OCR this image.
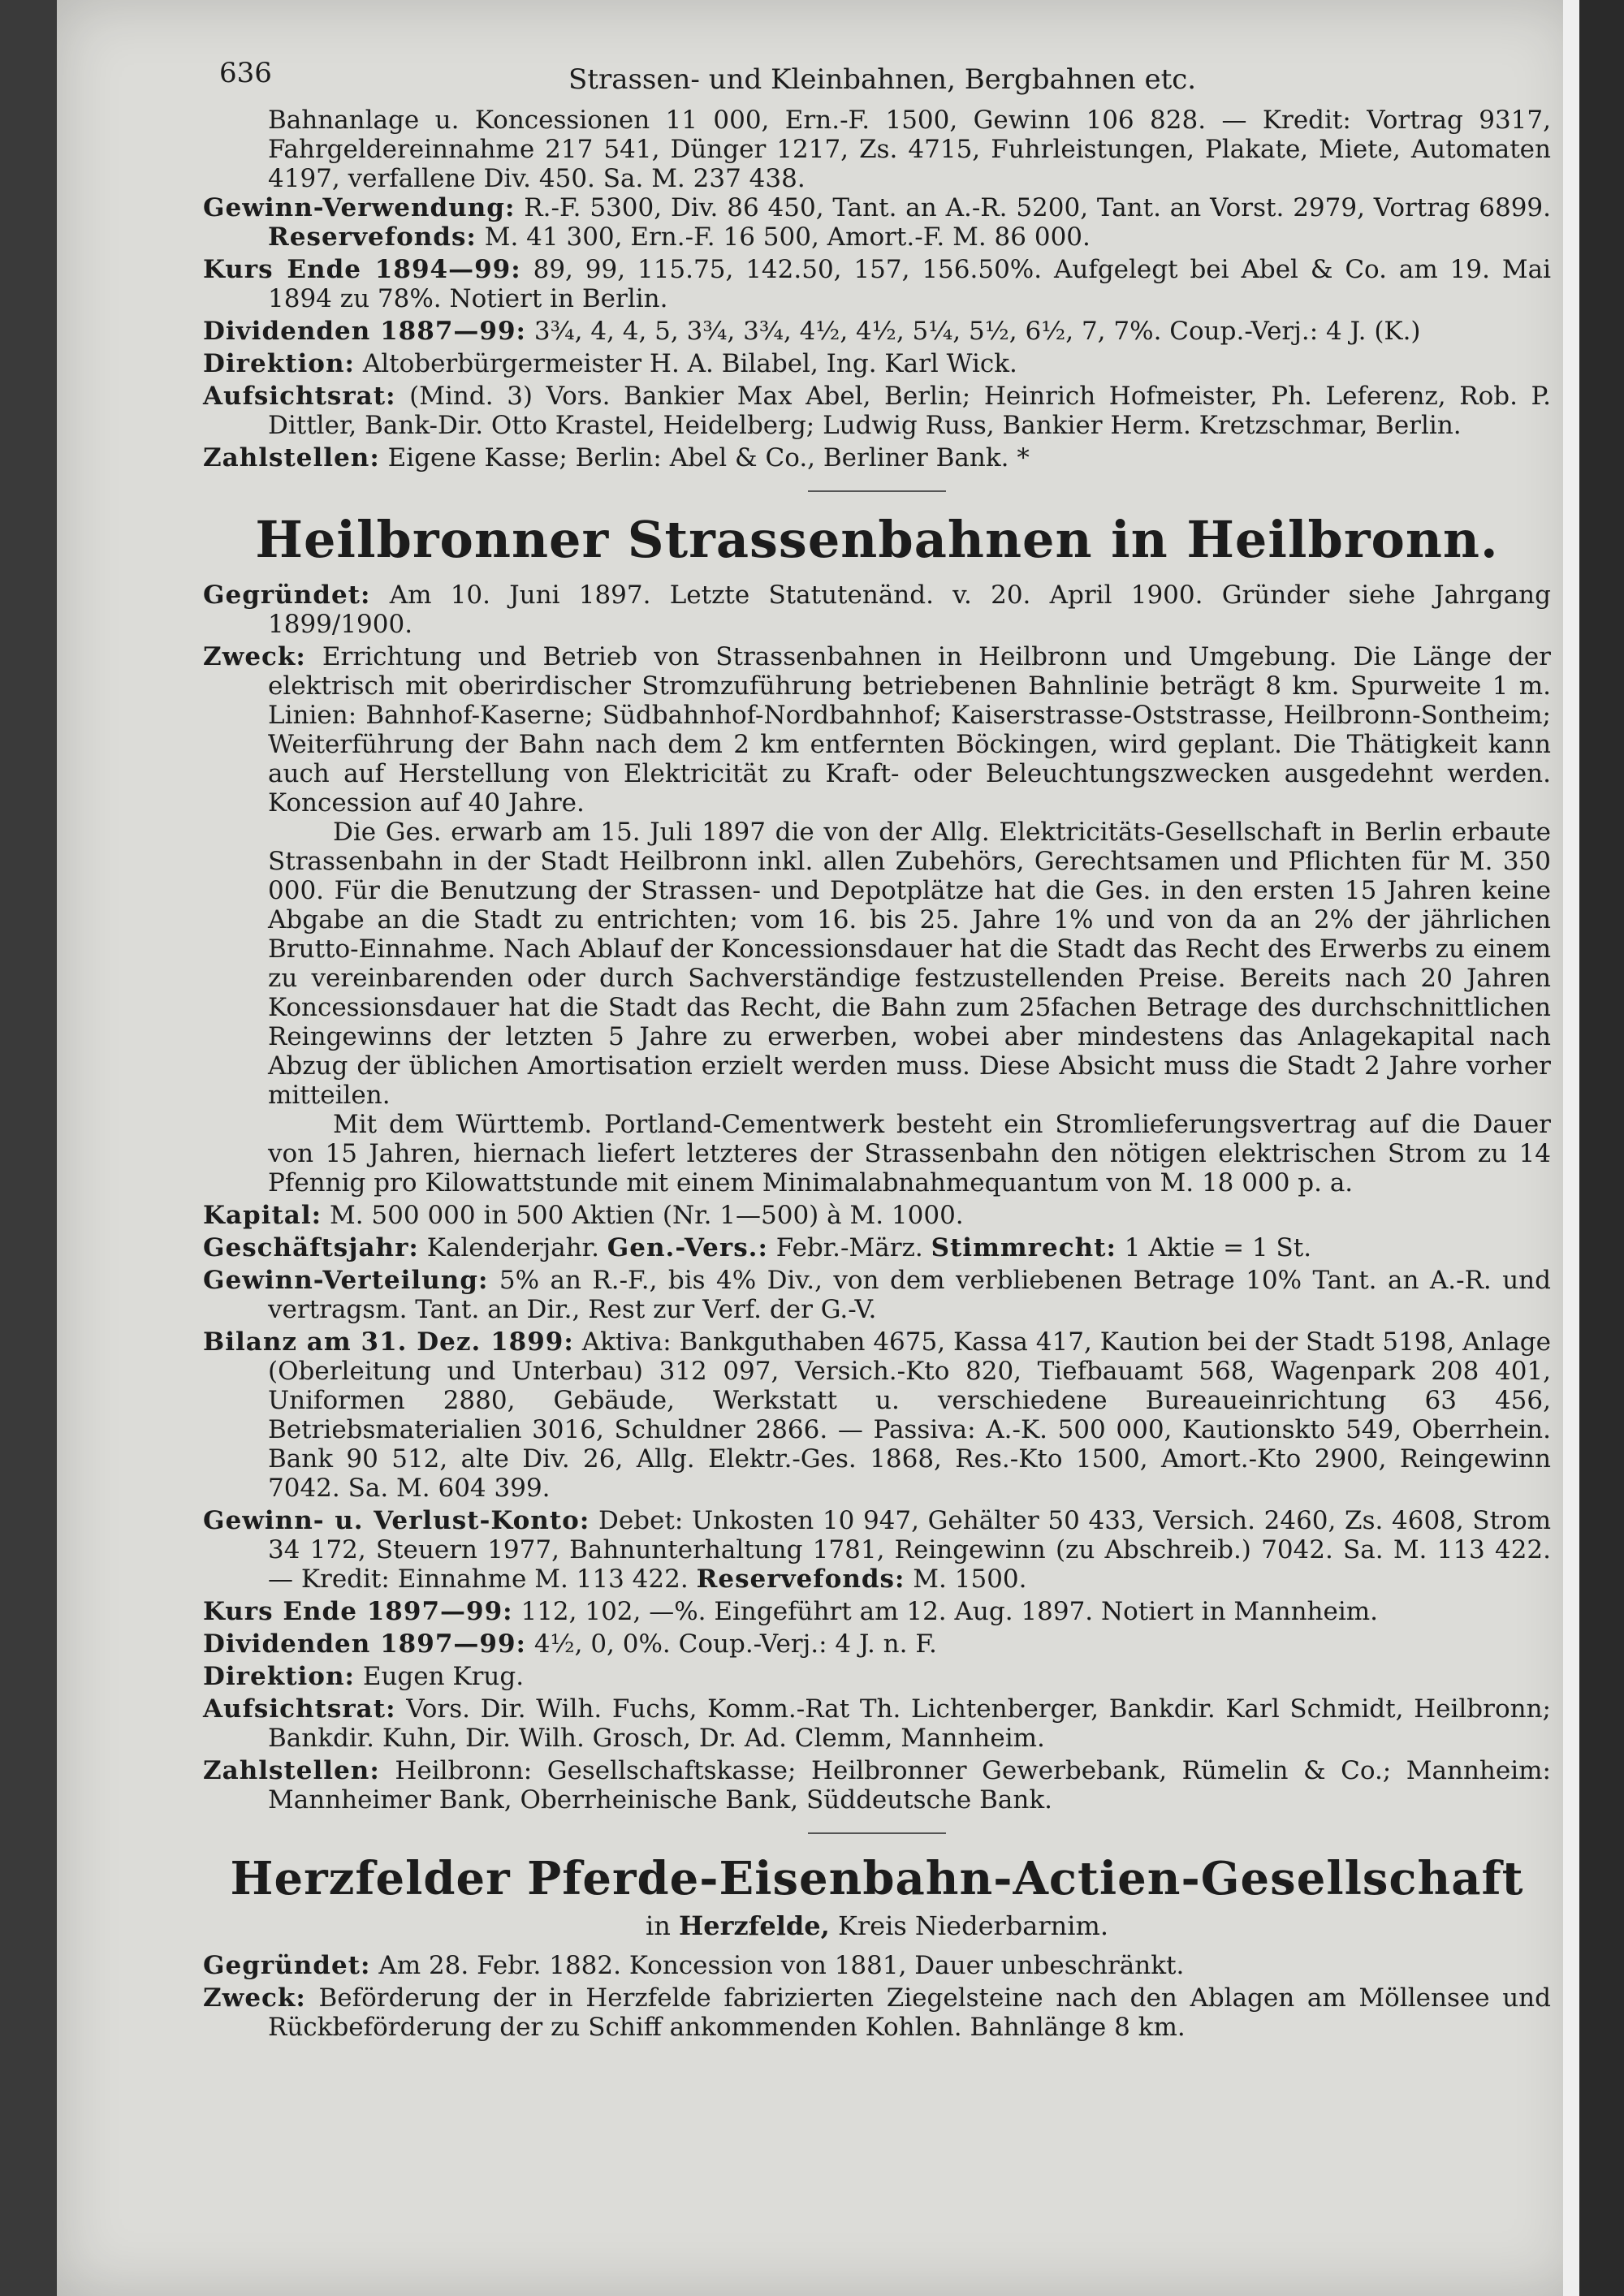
636	Strassen- und Kleinbahnen, Bergbahnen etc.

Bahnanlage u. Koncessionen 11 000, Ern.-F. 1500, Gewinn 106 828. — Kredit: Vortrag 9317, Fahrgeldereinnahme 217 541, Dünger 1217, Zs. 4715, Fuhrleistungen, Plakate, Miete, Automaten 4197, verfallene Div. 450. Sa. M. 237 438.

Gewinn-Verwendung: R.-F. 5300, Div. 86 450, Tant. an A.-R. 5200, Tant. an Vorst. 2979, Vortrag 6899. Reservefonds: M. 41 300, Ern.-F. 16 500, Amort.-F. M. 86 000.

Kurs Ende 1894—99: 89, 99, 115.75, 142.50, 157, 156.50%. Aufgelegt bei Abel & Co. am 19. Mai 1894 zu 78%. Notiert in Berlin.

Dividenden 1887—99: 3¾, 4, 4, 5, 3¾, 3¾, 4½, 4½, 5¼, 5½, 6½, 7, 7%. Coup.-Verj.: 4 J. (K.)

Direktion: Altoberbürgermeister H. A. Bilabel, Ing. Karl Wick.

Aufsichtsrat: (Mind. 3) Vors. Bankier Max Abel, Berlin; Heinrich Hofmeister, Ph. Leferenz, Rob. P. Dittler, Bank-Dir. Otto Krastel, Heidelberg; Ludwig Russ, Bankier Herm. Kretzschmar, Berlin.

Zahlstellen: Eigene Kasse; Berlin: Abel & Co., Berliner Bank. *

Heilbronner Strassenbahnen in Heilbronn.

Gegründet: Am 10. Juni 1897. Letzte Statutenänd. v. 20. April 1900. Gründer siehe Jahrgang 1899/1900.

Zweck: Errichtung und Betrieb von Strassenbahnen in Heilbronn und Umgebung. Die Länge der elektrisch mit oberirdischer Stromzuführung betriebenen Bahnlinie beträgt 8 km. Spurweite 1 m. Linien: Bahnhof-Kaserne; Südbahnhof-Nordbahnhof; Kaiserstrasse-Oststrasse, Heilbronn-Sontheim; Weiterführung der Bahn nach dem 2 km entfernten Böckingen, wird geplant. Die Thätigkeit kann auch auf Herstellung von Elektricität zu Kraft- oder Beleuchtungszwecken ausgedehnt werden. Koncession auf 40 Jahre.

Die Ges. erwarb am 15. Juli 1897 die von der Allg. Elektricitäts-Gesellschaft in Berlin erbaute Strassenbahn in der Stadt Heilbronn inkl. allen Zubehörs, Gerechtsamen und Pflichten für M. 350 000. Für die Benutzung der Strassen- und Depotplätze hat die Ges. in den ersten 15 Jahren keine Abgabe an die Stadt zu entrichten; vom 16. bis 25. Jahre 1% und von da an 2% der jährlichen Brutto-Einnahme. Nach Ablauf der Koncessionsdauer hat die Stadt das Recht des Erwerbs zu einem zu vereinbarenden oder durch Sachverständige festzustellenden Preise. Bereits nach 20 Jahren Koncessionsdauer hat die Stadt das Recht, die Bahn zum 25fachen Betrage des durchschnittlichen Reingewinns der letzten 5 Jahre zu erwerben, wobei aber mindestens das Anlagekapital nach Abzug der üblichen Amortisation erzielt werden muss. Diese Absicht muss die Stadt 2 Jahre vorher mitteilen.

Mit dem Württemb. Portland-Cementwerk besteht ein Stromlieferungsvertrag auf die Dauer von 15 Jahren, hiernach liefert letzteres der Strassenbahn den nötigen elektrischen Strom zu 14 Pfennig pro Kilowattstunde mit einem Minimalabnahmequantum von M. 18 000 p. a.

Kapital: M. 500 000 in 500 Aktien (Nr. 1—500) à M. 1000.

Geschäftsjahr: Kalenderjahr. Gen.-Vers.: Febr.-März. Stimmrecht: 1 Aktie = 1 St.

Gewinn-Verteilung: 5% an R.-F., bis 4% Div., von dem verbliebenen Betrage 10% Tant. an A.-R. und vertragsm. Tant. an Dir., Rest zur Verf. der G.-V.

Bilanz am 31. Dez. 1899: Aktiva: Bankguthaben 4675, Kassa 417, Kaution bei der Stadt 5198, Anlage (Oberleitung und Unterbau) 312 097, Versich.-Kto 820, Tiefbauamt 568, Wagenpark 208 401, Uniformen 2880, Gebäude, Werkstatt u. verschiedene Bureaueinrichtung 63 456, Betriebsmaterialien 3016, Schuldner 2866. — Passiva: A.-K. 500 000, Kautionskto 549, Oberrhein. Bank 90 512, alte Div. 26, Allg. Elektr.-Ges. 1868, Res.-Kto 1500, Amort.-Kto 2900, Reingewinn 7042. Sa. M. 604 399.

Gewinn- u. Verlust-Konto: Debet: Unkosten 10 947, Gehälter 50 433, Versich. 2460, Zs. 4608, Strom 34 172, Steuern 1977, Bahnunterhaltung 1781, Reingewinn (zu Abschreib.) 7042. Sa. M. 113 422. — Kredit: Einnahme M. 113 422. Reservefonds: M. 1500.

Kurs Ende 1897—99: 112, 102, —%. Eingeführt am 12. Aug. 1897. Notiert in Mannheim.

Dividenden 1897—99: 4½, 0, 0%. Coup.-Verj.: 4 J. n. F.

Direktion: Eugen Krug.

Aufsichtsrat: Vors. Dir. Wilh. Fuchs, Komm.-Rat Th. Lichtenberger, Bankdir. Karl Schmidt, Heilbronn; Bankdir. Kuhn, Dir. Wilh. Grosch, Dr. Ad. Clemm, Mannheim.

Zahlstellen: Heilbronn: Gesellschaftskasse; Heilbronner Gewerbebank, Rümelin & Co.; Mannheim: Mannheimer Bank, Oberrheinische Bank, Süddeutsche Bank.

Herzfelder Pferde-Eisenbahn-Actien-Gesellschaft
in Herzfelde, Kreis Niederbarnim.

Gegründet: Am 28. Febr. 1882. Koncession von 1881, Dauer unbeschränkt.

Zweck: Beförderung der in Herzfelde fabrizierten Ziegelsteine nach den Ablagen am Möllensee und Rückbeförderung der zu Schiff ankommenden Kohlen. Bahnlänge 8 km.
